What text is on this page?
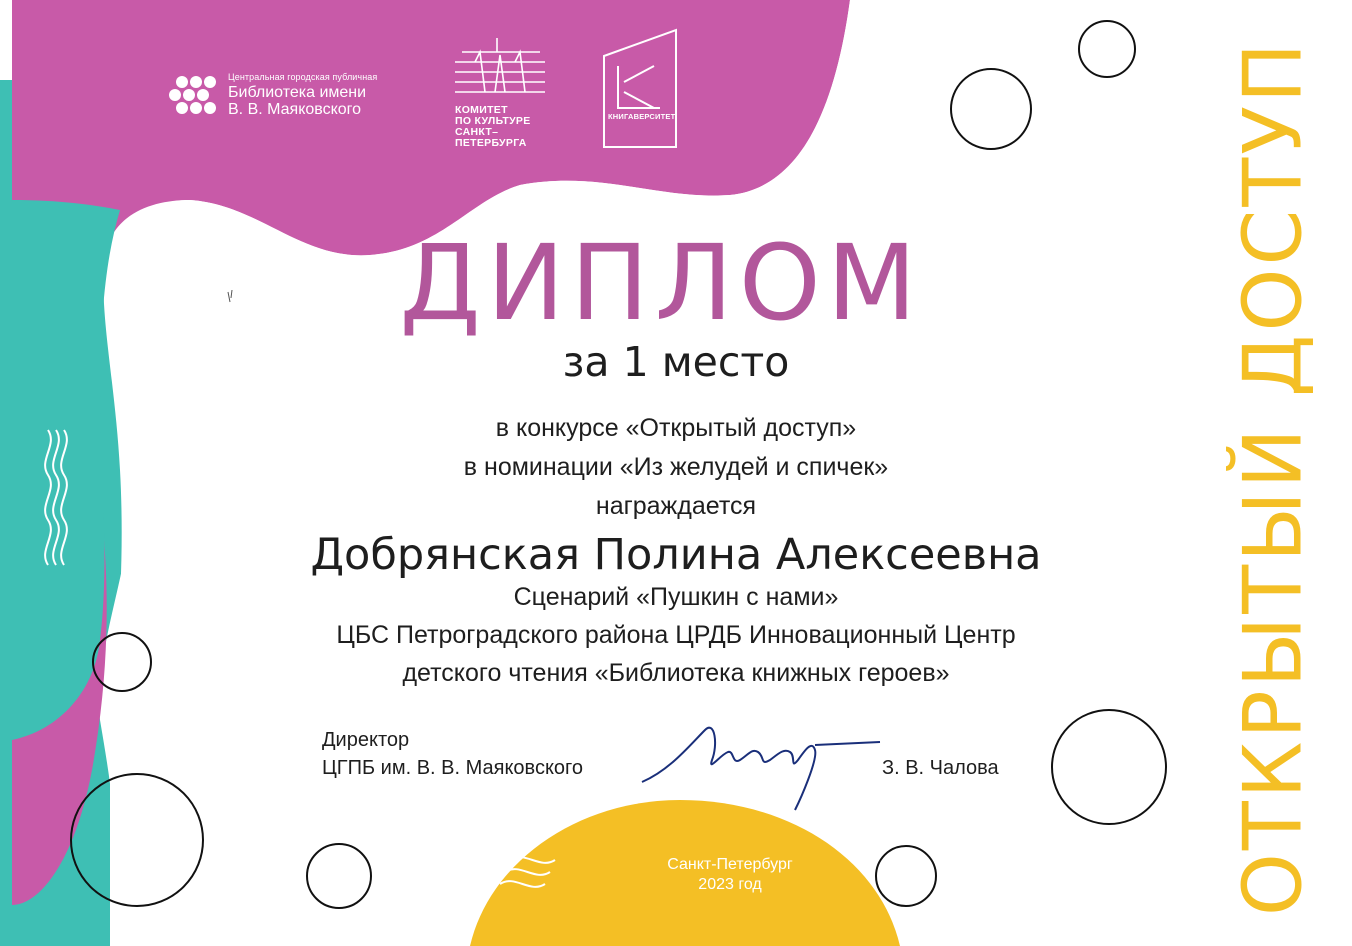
Центральная городская публичная
Библиотека имени
В. В. Маяковского	КОМИТЕТ
ПО КУЛЬТУРЕ
САНКТ–
ПЕТЕРБУРГА
КНИГАВЕРСИТЕТ
ДИПЛОМ
за 1 место
в конкурсе «Открытый доступ»
в номинации «Из желудей и спичек»
награждается
Добрянская Полина Алексеевна
Сценарий «Пушкин с нами»
ЦБС Петроградского района ЦРДБ Инновационный Центр
детского чтения «Библиотека книжных героев»
Директор
ЦГПБ им. В. В. Маяковского	З. В. Чалова
Санкт-Петербург
2023 год	ОТКРЫТЫЙ ДОСТУП
